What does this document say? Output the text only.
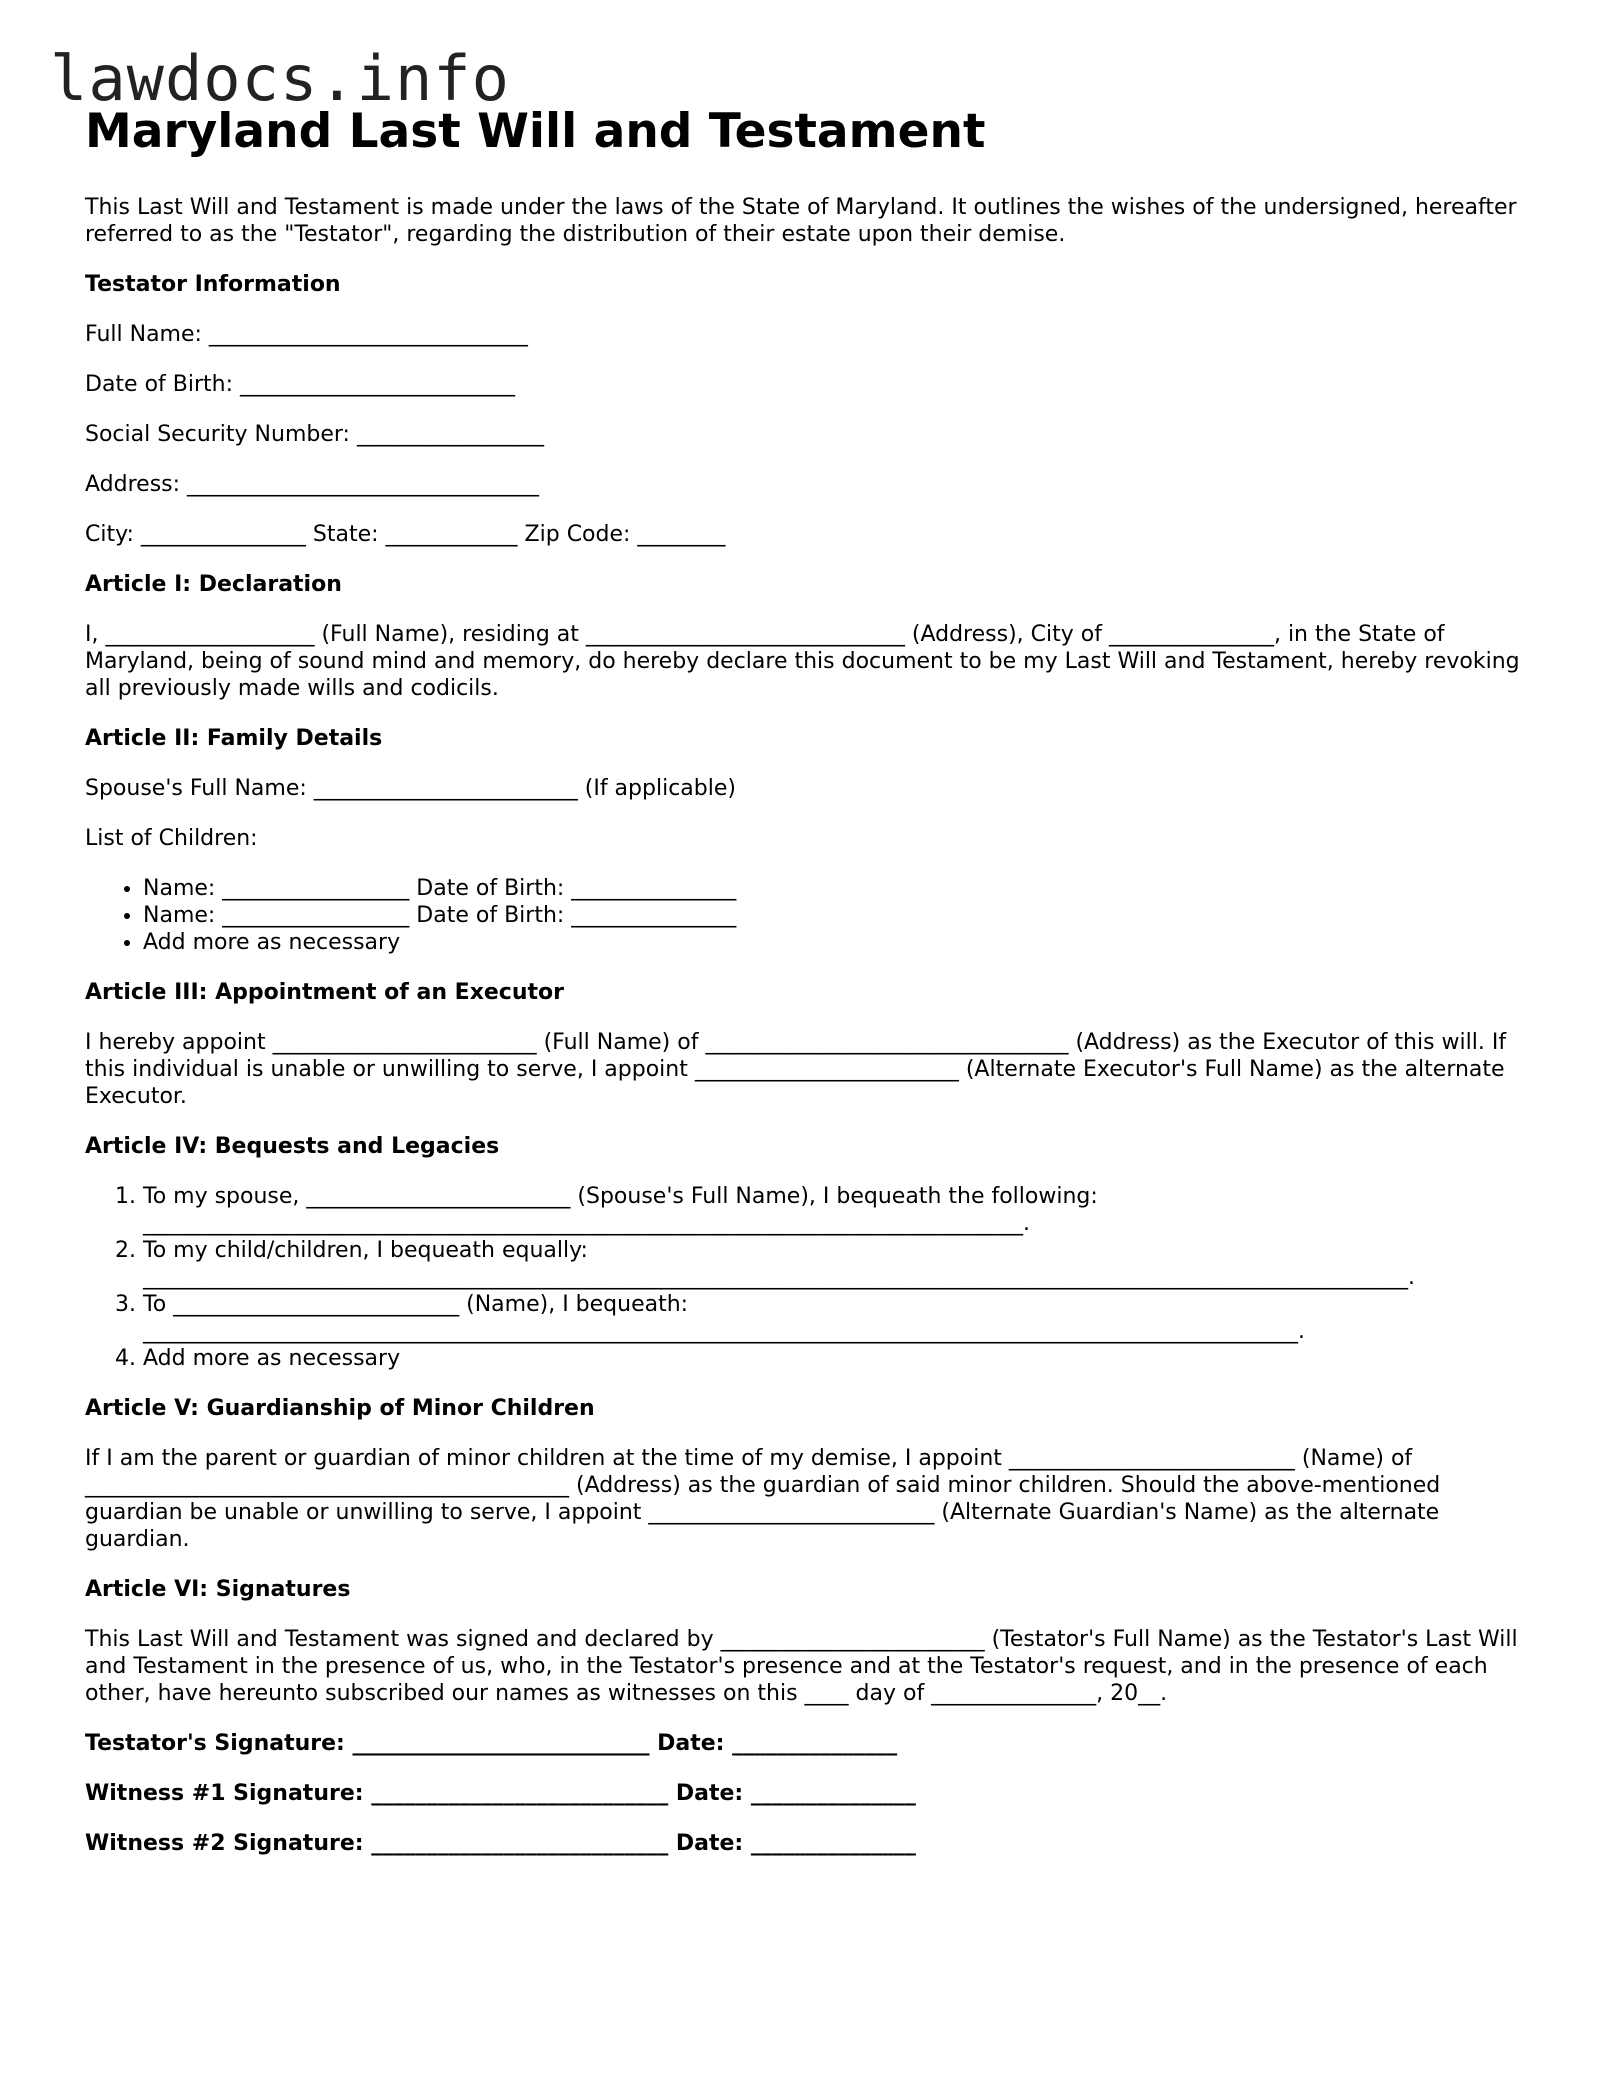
lawdocs.info
Maryland Last Will and Testament

This Last Will and Testament is made under the laws of the State of Maryland. It outlines the wishes of the undersigned, hereafter referred to as the "Testator", regarding the distribution of their estate upon their demise.

Testator Information

Full Name: _____________________________

Date of Birth: _________________________

Social Security Number: _________________

Address: ________________________________

City: _______________ State: ____________ Zip Code: ________

Article I: Declaration

I, ___________________ (Full Name), residing at _____________________________ (Address), City of _______________, in the State of Maryland, being of sound mind and memory, do hereby declare this document to be my Last Will and Testament, hereby revoking all previously made wills and codicils.

Article II: Family Details

Spouse's Full Name: ________________________ (If applicable)

List of Children:

• Name: _________________ Date of Birth: _______________
• Name: _________________ Date of Birth: _______________
• Add more as necessary

Article III: Appointment of an Executor

I hereby appoint ________________________ (Full Name) of _________________________________ (Address) as the Executor of this will. If this individual is unable or unwilling to serve, I appoint ________________________ (Alternate Executor's Full Name) as the alternate Executor.

Article IV: Bequests and Legacies

1. To my spouse, ________________________ (Spouse's Full Name), I bequeath the following:
________________________________________________________________________________.
2. To my child/children, I bequeath equally:
___________________________________________________________________________________________________________________.
3. To __________________________ (Name), I bequeath:
_________________________________________________________________________________________________________.
4. Add more as necessary

Article V: Guardianship of Minor Children

If I am the parent or guardian of minor children at the time of my demise, I appoint __________________________ (Name) of ____________________________________________ (Address) as the guardian of said minor children. Should the above-mentioned guardian be unable or unwilling to serve, I appoint __________________________ (Alternate Guardian's Name) as the alternate guardian.

Article VI: Signatures

This Last Will and Testament was signed and declared by ________________________ (Testator's Full Name) as the Testator's Last Will and Testament in the presence of us, who, in the Testator's presence and at the Testator's request, and in the presence of each other, have hereunto subscribed our names as witnesses on this ____ day of _______________, 20__.

Testator's Signature: ___________________________ Date: _______________

Witness #1 Signature: ___________________________ Date: _______________

Witness #2 Signature: ___________________________ Date: _______________
